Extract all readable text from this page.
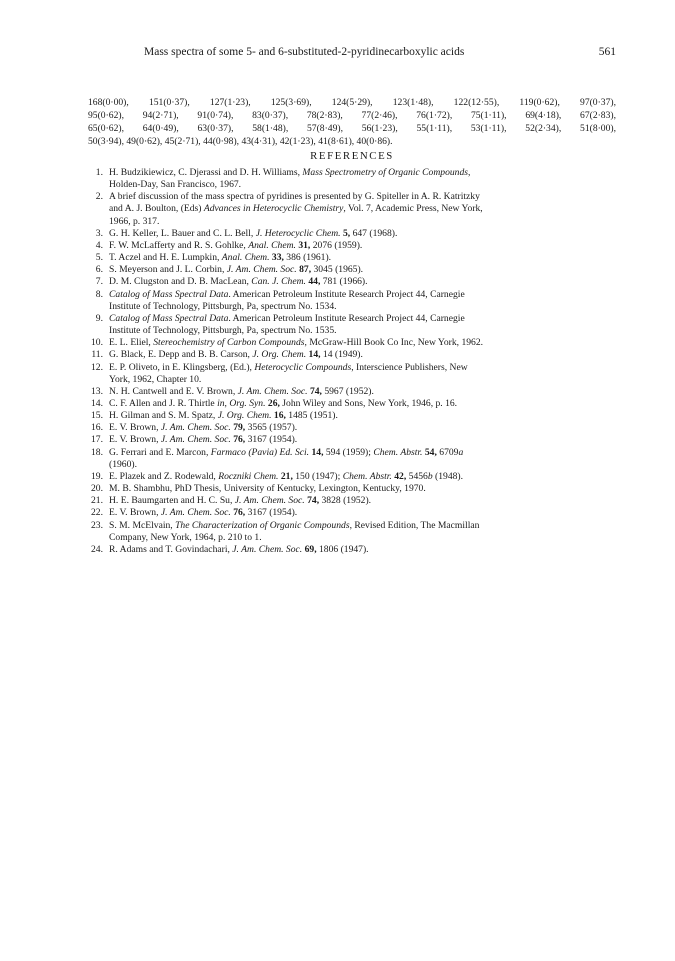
Mass spectra of some 5- and 6-substituted-2-pyridinecarboxylic acids	561
168(0·00), 151(0·37), 127(1·23), 125(3·69), 124(5·29), 123(1·48), 122(12·55), 119(0·62), 97(0·37),
95(0·62), 94(2·71), 91(0·74), 83(0·37), 78(2·83), 77(2·46), 76(1·72), 75(1·11), 69(4·18), 67(2·83),
65(0·62), 64(0·49), 63(0·37), 58(1·48), 57(8·49), 56(1·23), 55(1·11), 53(1·11), 52(2·34), 51(8·00),
50(3·94), 49(0·62), 45(2·71), 44(0·98), 43(4·31), 42(1·23), 41(8·61), 40(0·86).
REFERENCES
1. H. Budzikiewicz, C. Djerassi and D. H. Williams, Mass Spectrometry of Organic Compounds,
Holden-Day, San Francisco, 1967.
2. A brief discussion of the mass spectra of pyridines is presented by G. Spiteller in A. R. Katritzky
and A. J. Boulton, (Eds) Advances in Heterocyclic Chemistry, Vol. 7, Academic Press, New York,
1966, p. 317.
3. G. H. Keller, L. Bauer and C. L. Bell, J. Heterocyclic Chem. 5, 647 (1968).
4. F. W. McLafferty and R. S. Gohlke, Anal. Chem. 31, 2076 (1959).
5. T. Aczel and H. E. Lumpkin, Anal. Chem. 33, 386 (1961).
6. S. Meyerson and J. L. Corbin, J. Am. Chem. Soc. 87, 3045 (1965).
7. D. M. Clugston and D. B. MacLean, Can. J. Chem. 44, 781 (1966).
8. Catalog of Mass Spectral Data. American Petroleum Institute Research Project 44, Carnegie
Institute of Technology, Pittsburgh, Pa, spectrum No. 1534.
9. Catalog of Mass Spectral Data. American Petroleum Institute Research Project 44, Carnegie
Institute of Technology, Pittsburgh, Pa, spectrum No. 1535.
10. E. L. Eliel, Stereochemistry of Carbon Compounds, McGraw-Hill Book Co Inc, New York, 1962.
11. G. Black, E. Depp and B. B. Carson, J. Org. Chem. 14, 14 (1949).
12. E. P. Oliveto, in E. Klingsberg, (Ed.), Heterocyclic Compounds, Interscience Publishers, New
York, 1962, Chapter 10.
13. N. H. Cantwell and E. V. Brown, J. Am. Chem. Soc. 74, 5967 (1952).
14. C. F. Allen and J. R. Thirtle in, Org. Syn. 26, John Wiley and Sons, New York, 1946, p. 16.
15. H. Gilman and S. M. Spatz, J. Org. Chem. 16, 1485 (1951).
16. E. V. Brown, J. Am. Chem. Soc. 79, 3565 (1957).
17. E. V. Brown, J. Am. Chem. Soc. 76, 3167 (1954).
18. G. Ferrari and E. Marcon, Farmaco (Pavia) Ed. Sci. 14, 594 (1959); Chem. Abstr. 54, 6709a
(1960).
19. E. Plazek and Z. Rodewald, Roczniki Chem. 21, 150 (1947); Chem. Abstr. 42, 5456b (1948).
20. M. B. Shambhu, PhD Thesis, University of Kentucky, Lexington, Kentucky, 1970.
21. H. E. Baumgarten and H. C. Su, J. Am. Chem. Soc. 74, 3828 (1952).
22. E. V. Brown, J. Am. Chem. Soc. 76, 3167 (1954).
23. S. M. McElvain, The Characterization of Organic Compounds, Revised Edition, The Macmillan
Company, New York, 1964, p. 210 to 1.
24. R. Adams and T. Govindachari, J. Am. Chem. Soc. 69, 1806 (1947).
